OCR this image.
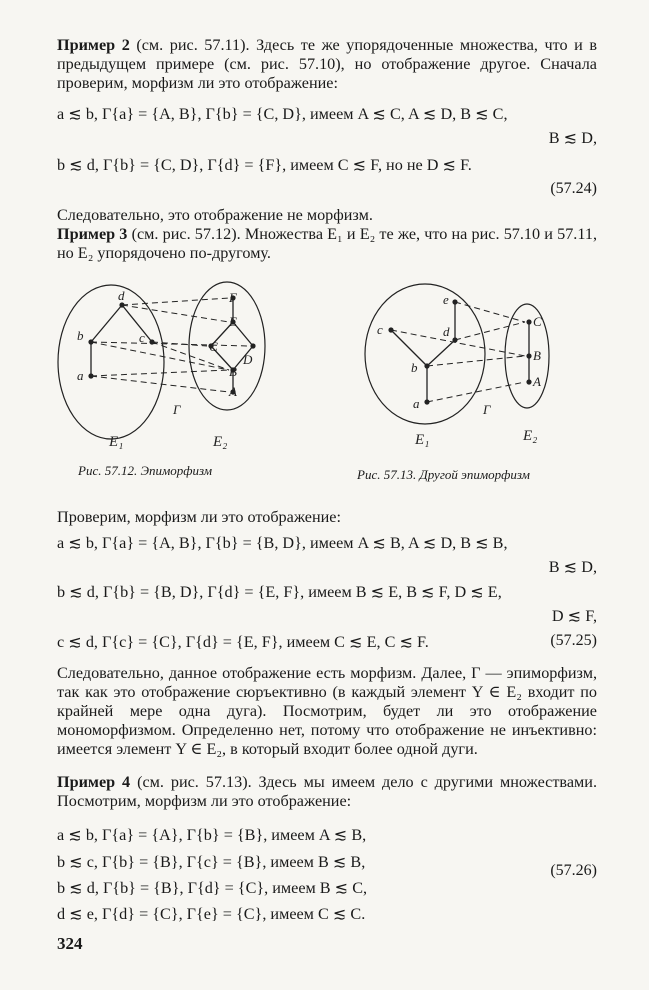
Пример 2 (см. рис. 57.11). Здесь те же упорядоченные множества, что и в предыдущем примере (см. рис. 57.10), но отображение другое. Сначала проверим, морфизм ли это отображение:
a ≲ b, Γ{a} = {A, B}, Γ{b} = {C, D}, имеем A ≲ C, A ≲ D, B ≲ C,
B ≲ D,
b ≲ d, Γ{b} = {C, D}, Γ{d} = {F}, имеем C ≲ F, но не D ≲ F.
(57.24)
Следовательно, это отображение не морфизм.
Пример 3 (см. рис. 57.12). Множества E₁ и E₂ те же, что на рис. 57.10 и 57.11, но E₂ упорядочено по-другому.
d
c
b
a
F
E
C
D
B
A
Γ
E₁	E₂
Рис. 57.12. Эпиморфизм
e
d
c
b
a
C
B
A
Γ
E₁	E₂
Рис. 57.13. Другой эпиморфизм
Проверим, морфизм ли это отображение:
a ≲ b, Γ{a} = {A, B}, Γ{b} = {B, D}, имеем A ≲ B, A ≲ D, B ≲ B,
B ≲ D,
b ≲ d, Γ{b} = {B, D}, Γ{d} = {E, F}, имеем B ≲ E, B ≲ F, D ≲ E,
D ≲ F,
c ≲ d, Γ{c} = {C}, Γ{d} = {E, F}, имеем C ≲ E, C ≲ F.	(57.25)
Следовательно, данное отображение есть морфизм. Далее, Γ — эпиморфизм, так как это отображение сюръективно (в каждый элемент Y ∈ E₂ входит по крайней мере одна дуга). Посмотрим, будет ли это отображение мономорфизмом. Определенно нет, потому что отображение не инъективно: имеется элемент Y ∈ E₂, в который входит более одной дуги.
Пример 4 (см. рис. 57.13). Здесь мы имеем дело с другими множествами. Посмотрим, морфизм ли это отображение:
a ≲ b, Γ{a} = {A}, Γ{b} = {B}, имеем A ≲ B,
b ≲ c, Γ{b} = {B}, Γ{c} = {B}, имеем B ≲ B,
b ≲ d, Γ{b} = {B}, Γ{d} = {C}, имеем B ≲ C,
d ≲ e, Γ{d} = {C}, Γ{e} = {C}, имеем C ≲ C.
(57.26)
324
